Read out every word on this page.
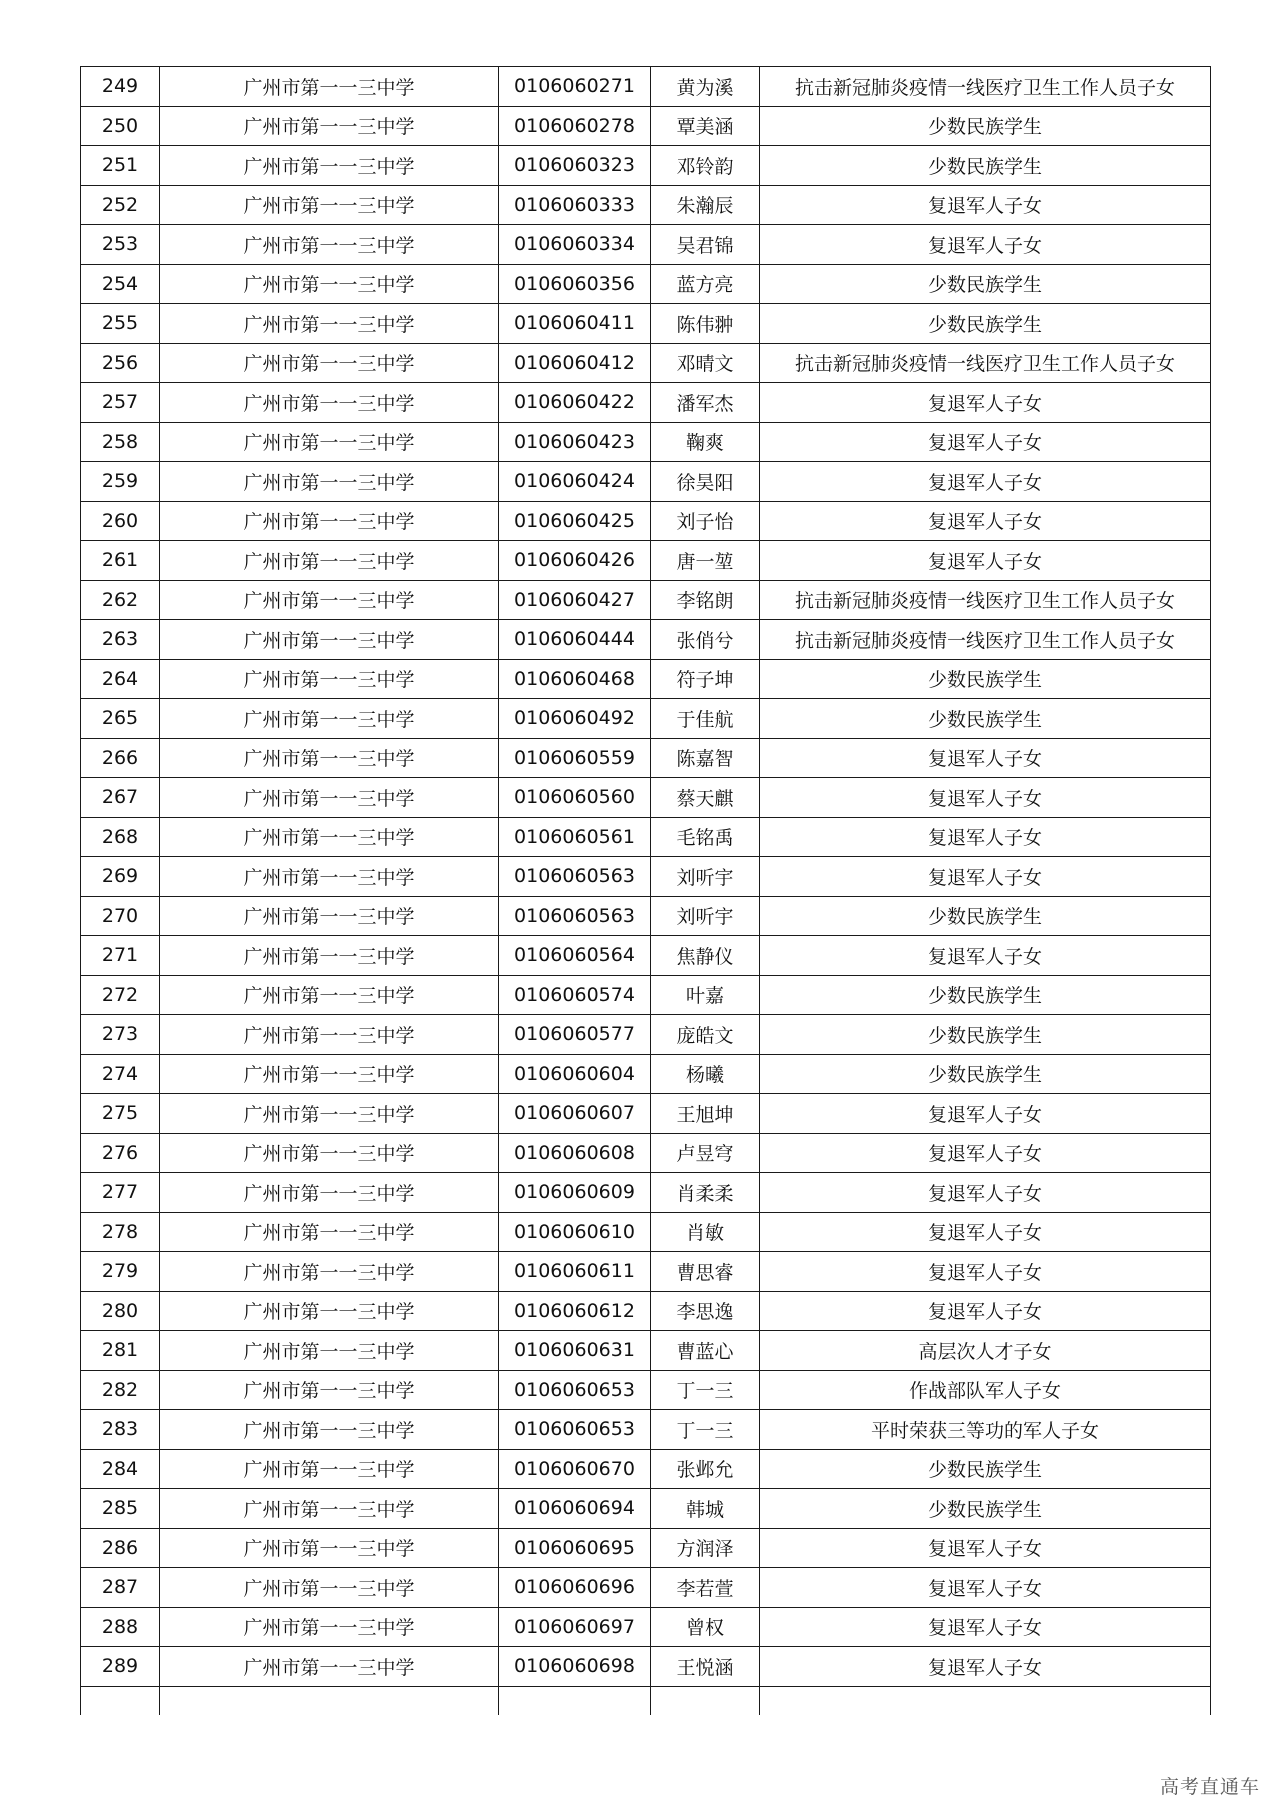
249	广州市第一一三中学	0106060271	黄为溪	抗击新冠肺炎疫情一线医疗卫生工作人员子女
250	广州市第一一三中学	0106060278	覃美涵	少数民族学生
251	广州市第一一三中学	0106060323	邓铃韵	少数民族学生
252	广州市第一一三中学	0106060333	朱瀚辰	复退军人子女
253	广州市第一一三中学	0106060334	吴君锦	复退军人子女
254	广州市第一一三中学	0106060356	蓝方亮	少数民族学生
255	广州市第一一三中学	0106060411	陈伟翀	少数民族学生
256	广州市第一一三中学	0106060412	邓晴文	抗击新冠肺炎疫情一线医疗卫生工作人员子女
257	广州市第一一三中学	0106060422	潘军杰	复退军人子女
258	广州市第一一三中学	0106060423	鞠爽	复退军人子女
259	广州市第一一三中学	0106060424	徐昊阳	复退军人子女
260	广州市第一一三中学	0106060425	刘子怡	复退军人子女
261	广州市第一一三中学	0106060426	唐一堃	复退军人子女
262	广州市第一一三中学	0106060427	李铭朗	抗击新冠肺炎疫情一线医疗卫生工作人员子女
263	广州市第一一三中学	0106060444	张俏兮	抗击新冠肺炎疫情一线医疗卫生工作人员子女
264	广州市第一一三中学	0106060468	符子坤	少数民族学生
265	广州市第一一三中学	0106060492	于佳航	少数民族学生
266	广州市第一一三中学	0106060559	陈嘉智	复退军人子女
267	广州市第一一三中学	0106060560	蔡天麒	复退军人子女
268	广州市第一一三中学	0106060561	毛铭禹	复退军人子女
269	广州市第一一三中学	0106060563	刘听宇	复退军人子女
270	广州市第一一三中学	0106060563	刘听宇	少数民族学生
271	广州市第一一三中学	0106060564	焦静仪	复退军人子女
272	广州市第一一三中学	0106060574	叶嘉	少数民族学生
273	广州市第一一三中学	0106060577	庞皓文	少数民族学生
274	广州市第一一三中学	0106060604	杨曦	少数民族学生
275	广州市第一一三中学	0106060607	王旭坤	复退军人子女
276	广州市第一一三中学	0106060608	卢昱穹	复退军人子女
277	广州市第一一三中学	0106060609	肖柔柔	复退军人子女
278	广州市第一一三中学	0106060610	肖敏	复退军人子女
279	广州市第一一三中学	0106060611	曹思睿	复退军人子女
280	广州市第一一三中学	0106060612	李思逸	复退军人子女
281	广州市第一一三中学	0106060631	曹蓝心	高层次人才子女
282	广州市第一一三中学	0106060653	丁一三	作战部队军人子女
283	广州市第一一三中学	0106060653	丁一三	平时荣获三等功的军人子女
284	广州市第一一三中学	0106060670	张邺允	少数民族学生
285	广州市第一一三中学	0106060694	韩城	少数民族学生
286	广州市第一一三中学	0106060695	方润泽	复退军人子女
287	广州市第一一三中学	0106060696	李若萱	复退军人子女
288	广州市第一一三中学	0106060697	曾权	复退军人子女
289	广州市第一一三中学	0106060698	王悦涵	复退军人子女

高考直通车
